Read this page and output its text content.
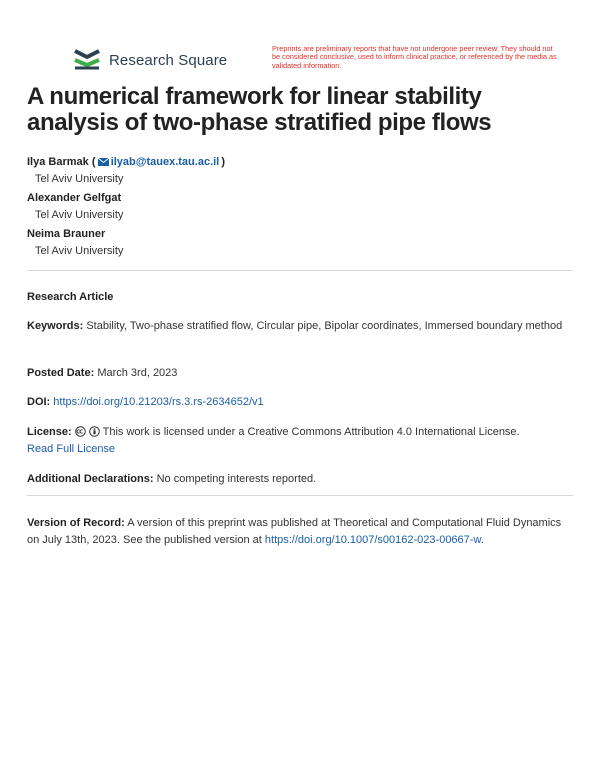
Research Square
Preprints are preliminary reports that have not undergone peer review. They should not be considered conclusive, used to inform clinical practice, or referenced by the media as validated information.
A numerical framework for linear stability analysis of two-phase stratified pipe flows
Ilya Barmak ( ilyab@tauex.tau.ac.il )
Tel Aviv University
Alexander Gelfgat
Tel Aviv University
Neima Brauner
Tel Aviv University
Research Article
Keywords: Stability, Two-phase stratified flow, Circular pipe, Bipolar coordinates, Immersed boundary method
Posted Date: March 3rd, 2023
DOI: https://doi.org/10.21203/rs.3.rs-2634652/v1
License:	This work is licensed under a Creative Commons Attribution 4.0 International License.
Read Full License
Additional Declarations: No competing interests reported.
Version of Record: A version of this preprint was published at Theoretical and Computational Fluid Dynamics on July 13th, 2023. See the published version at https://doi.org/10.1007/s00162-023-00667-w.
